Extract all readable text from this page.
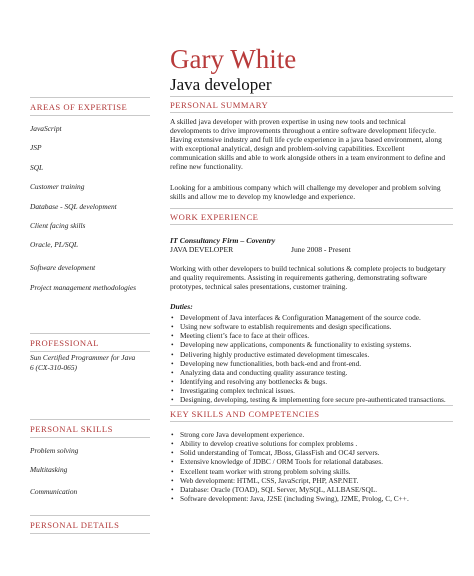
Gary White
Java developer
AREAS OF EXPERTISE
JavaScript
JSP
SQL
Customer training
Database - SQL development
Client facing skills
Oracle, PL/SQL
Software development
Project management methodologies
PROFESSIONAL
Sun Certified Programmer for Java 6 (CX-310-065)
PERSONAL SKILLS
Problem solving
Multitasking
Communication
PERSONAL DETAILS
PERSONAL SUMMARY
A skilled java developer with proven expertise in using new tools and technical developments to drive improvements throughout a entire software development lifecycle. Having extensive industry and full life cycle experience in a java based environment, along with exceptional analytical, design and problem-solving capabilities. Excellent communication skills and able to work alongside others in a team environment to define and refine new functionality.
Looking for a ambitious company which will challenge my developer and problem solving skills and allow me to develop my knowledge and experience.
WORK EXPERIENCE
IT Consultancy Firm – Coventry
JAVA DEVELOPER	June 2008 - Present
Working with other developers to build technical solutions & complete projects to budgetary and quality requirements. Assisting in requirements gathering, demonstrating software prototypes, technical sales presentations, customer training.
Duties:
• Development of Java interfaces & Configuration Management of the source code.
• Using new software to establish requirements and design specifications.
• Meeting client’s face to face at their offices.
• Developing new applications, components & functionality to existing systems.
• Delivering highly productive estimated development timescales.
• Developing new functionalities, both back-end and front-end.
• Analyzing data and conducting quality assurance testing.
• Identifying and resolving any bottlenecks & bugs.
• Investigating complex technical issues.
• Designing, developing, testing & implementing fore secure pre-authenticated transactions.
KEY SKILLS AND COMPETENCIES
• Strong core Java development experience.
• Ability to develop creative solutions for complex problems .
• Solid understanding of Tomcat, JBoss, GlassFish and OC4J servers.
• Extensive knowledge of JDBC / ORM Tools for relational databases.
• Excellent team worker with strong problem solving skills.
• Web development: HTML, CSS, JavaScript, PHP, ASP.NET.
• Database: Oracle (TOAD), SQL Server, MySQL, ALLBASE/SQL.
• Software development: Java, J2SE (including Swing), J2ME, Prolog, C, C++.
